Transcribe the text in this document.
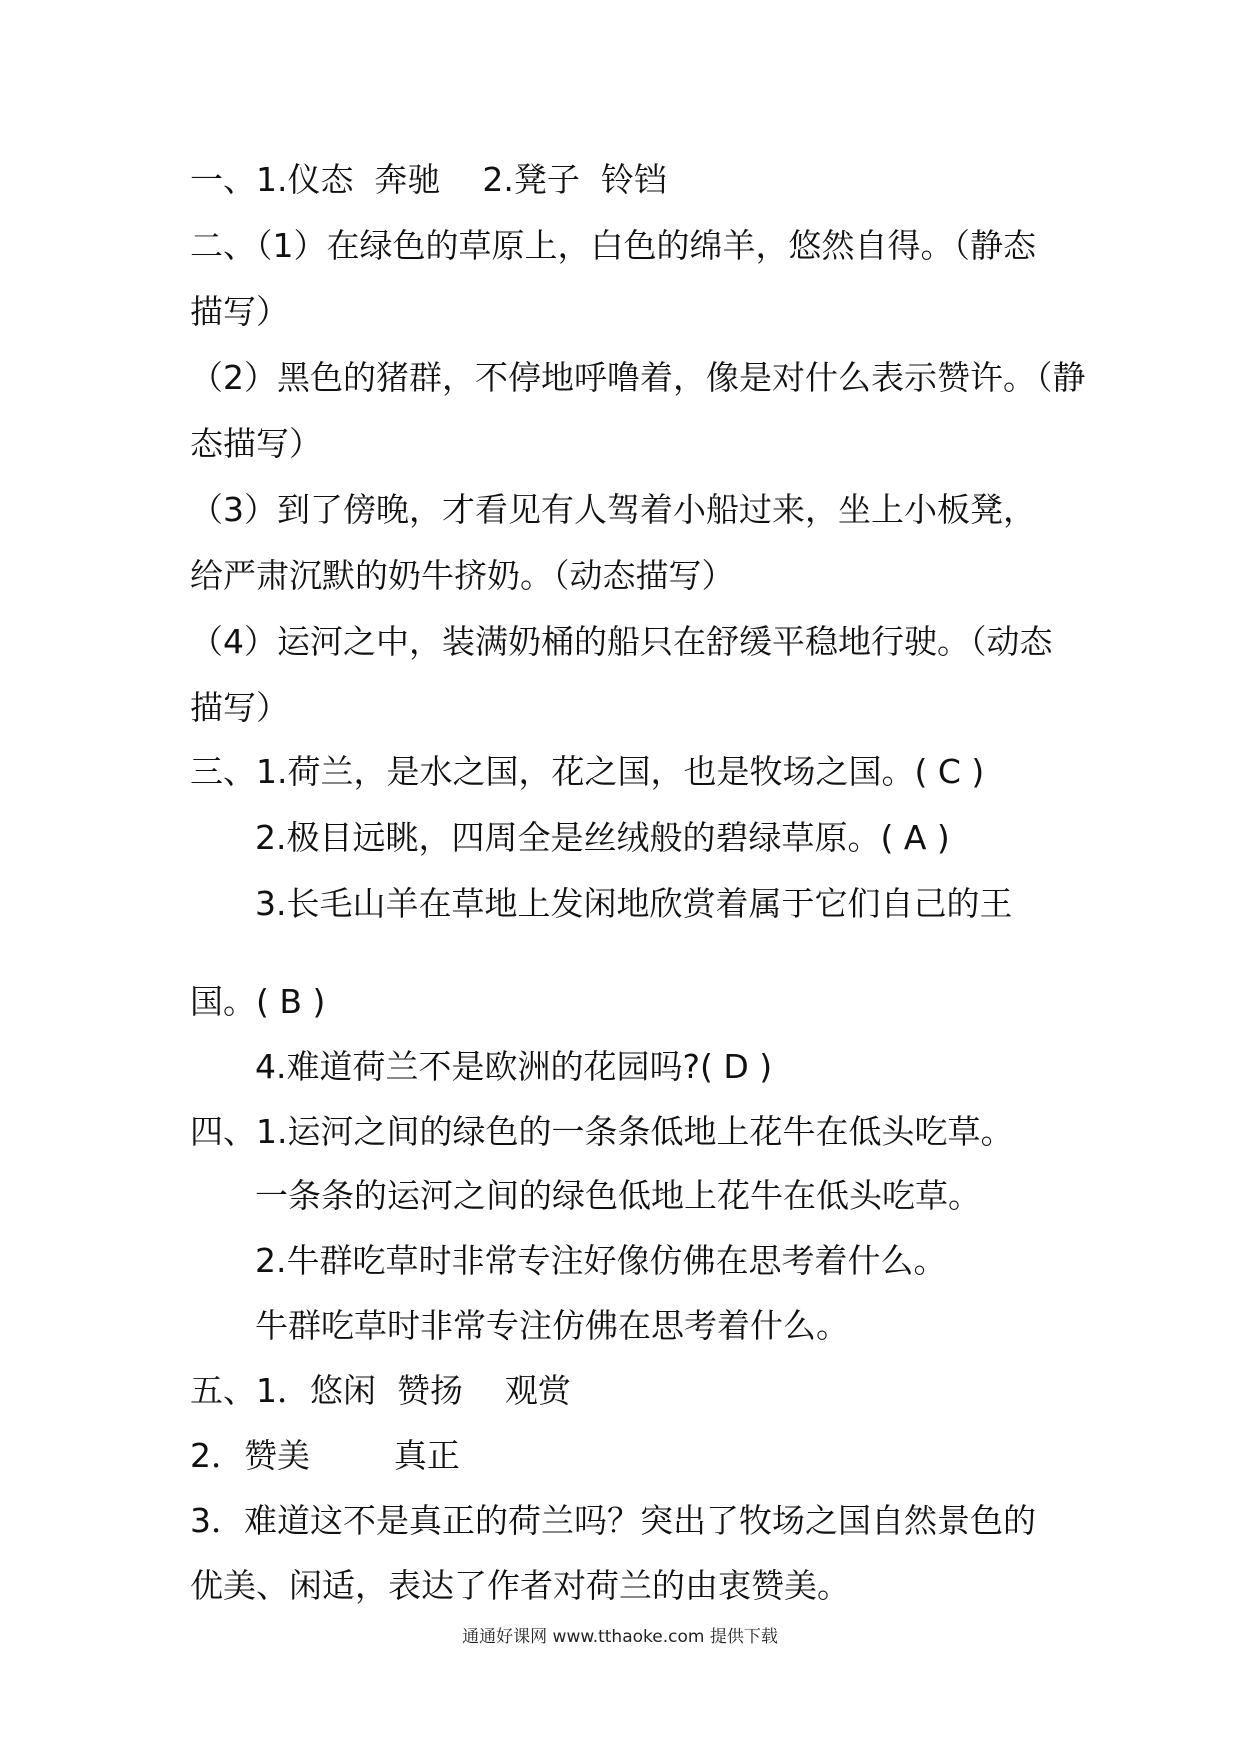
一、1.仪态  奔驰    2.凳子  铃铛
二、（1）在绿色的草原上，白色的绵羊，悠然自得。（静态
描写）
（2）黑色的猪群，不停地呼噜着，像是对什么表示赞许。（静
态描写）
（3）到了傍晚，才看见有人驾着小船过来，坐上小板凳，
给严肃沉默的奶牛挤奶。（动态描写）
（4）运河之中，装满奶桶的船只在舒缓平稳地行驶。（动态
描写）
三、1.荷兰，是水之国，花之国，也是牧场之国。( C )
2.极目远眺，四周全是丝绒般的碧绿草原。( A )
3.长毛山羊在草地上发闲地欣赏着属于它们自己的王
国。( B )
4.难道荷兰不是欧洲的花园吗?( D )
四、1.运河之间的绿色的一条条低地上花牛在低头吃草。
一条条的运河之间的绿色低地上花牛在低头吃草。
2.牛群吃草时非常专注好像仿佛在思考着什么。
牛群吃草时非常专注仿佛在思考着什么。
五、1．悠闲  赞扬    观赏
2．赞美        真正
3．难道这不是真正的荷兰吗？突出了牧场之国自然景色的
优美、闲适，表达了作者对荷兰的由衷赞美。
通通好课网 www.tthaoke.com 提供下载
